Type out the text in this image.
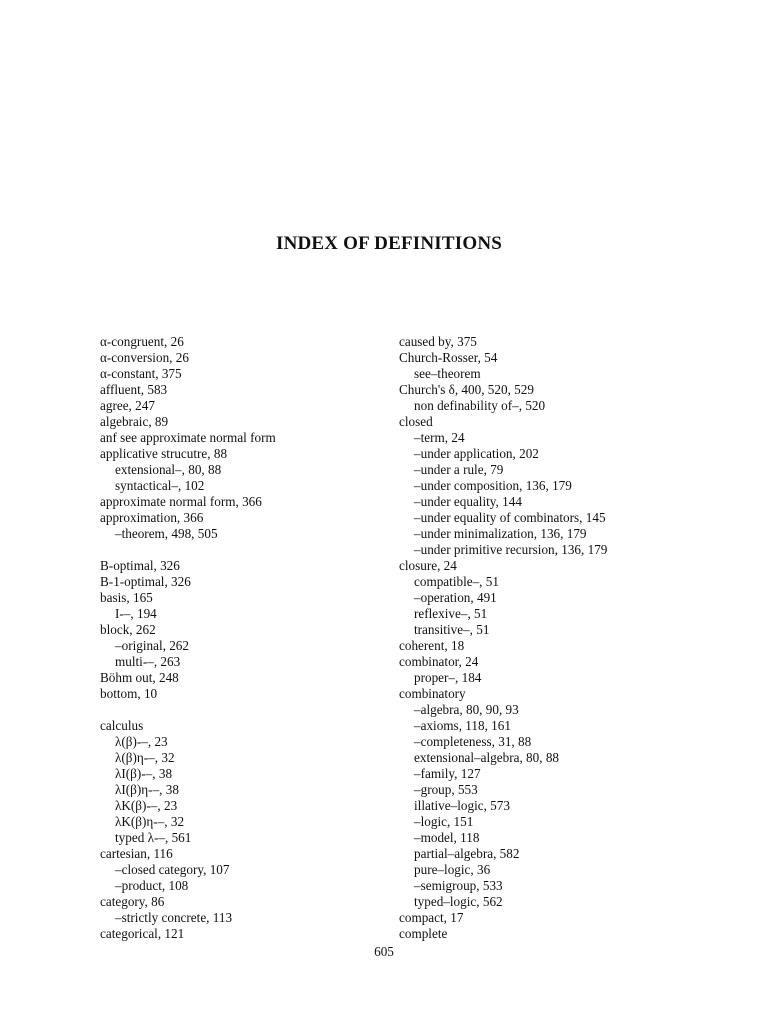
INDEX OF DEFINITIONS
α-congruent, 26
α-conversion, 26
α-constant, 375
affluent, 583
agree, 247
algebraic, 89
anf see approximate normal form
applicative strucutre, 88
extensional–, 80, 88
syntactical–, 102
approximate normal form, 366
approximation, 366
–theorem, 498, 505
B-optimal, 326
B-1-optimal, 326
basis, 165
I-–, 194
block, 262
–original, 262
multi-–, 263
Böhm out, 248
bottom, 10
calculus
λ(β)-–, 23
λ(β)η-–, 32
λI(β)-–, 38
λI(β)η-–, 38
λK(β)-–, 23
λK(β)η-–, 32
typed λ-–, 561
cartesian, 116
–closed category, 107
–product, 108
category, 86
–strictly concrete, 113
categorical, 121
caused by, 375
Church-Rosser, 54
see–theorem
Church's δ, 400, 520, 529
non definability of–, 520
closed
–term, 24
–under application, 202
–under a rule, 79
–under composition, 136, 179
–under equality, 144
–under equality of combinators, 145
–under minimalization, 136, 179
–under primitive recursion, 136, 179
closure, 24
compatible–, 51
–operation, 491
reflexive–, 51
transitive–, 51
coherent, 18
combinator, 24
proper–, 184
combinatory
–algebra, 80, 90, 93
–axioms, 118, 161
–completeness, 31, 88
extensional–algebra, 80, 88
–family, 127
–group, 553
illative–logic, 573
–logic, 151
–model, 118
partial–algebra, 582
pure–logic, 36
–semigroup, 533
typed–logic, 562
compact, 17
complete
605
